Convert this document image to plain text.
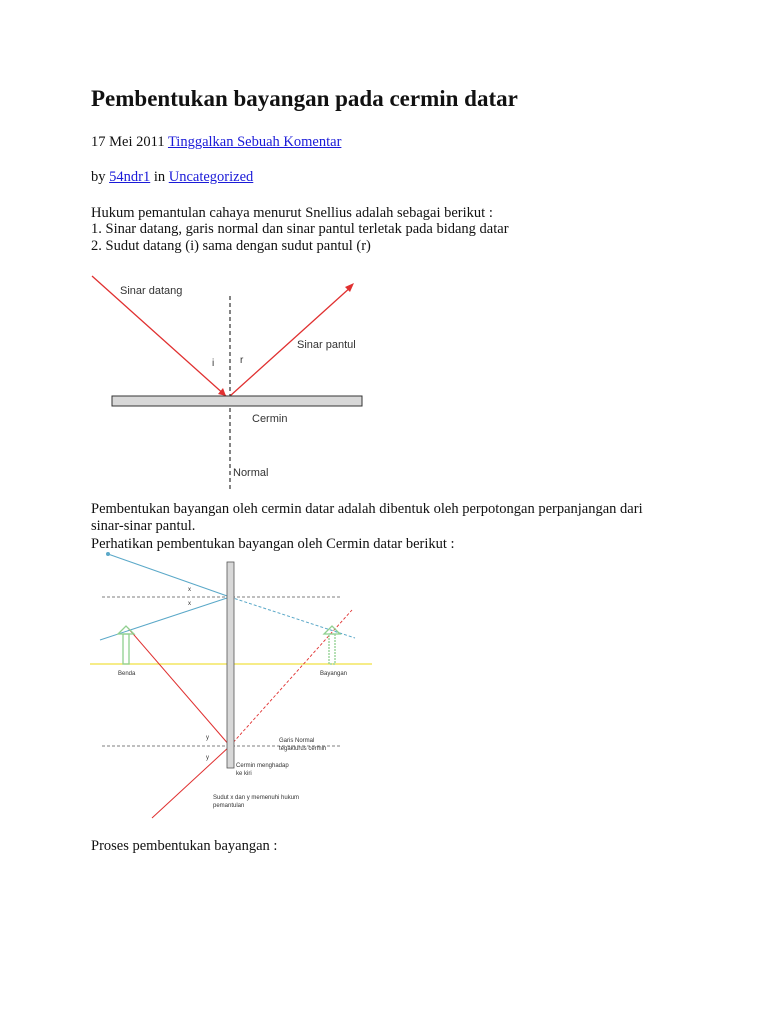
Pembentukan bayangan pada cermin datar

17 Mei 2011 Tinggalkan Sebuah Komentar

by 54ndr1 in Uncategorized

Hukum pemantulan cahaya menurut Snellius adalah sebagai berikut :

1. Sinar datang, garis normal dan sinar pantul terletak pada bidang datar

2. Sudut datang (i) sama dengan sudut pantul (r)

Pembentukan bayangan oleh cermin datar adalah dibentuk oleh perpotongan perpanjangan dari

sinar-sinar pantul.

Perhatikan pembentukan bayangan oleh Cermin datar berikut :

Proses pembentukan bayangan :

Sinar datang
Sinar pantul
i	r
Cermin
Normal
x
x
Benda	Bayangan
y
y
Garis Normal
tegaklurus cermin
Cermin menghadap
ke kiri
Sudut x dan y memenuhi hukum
pemantulan
